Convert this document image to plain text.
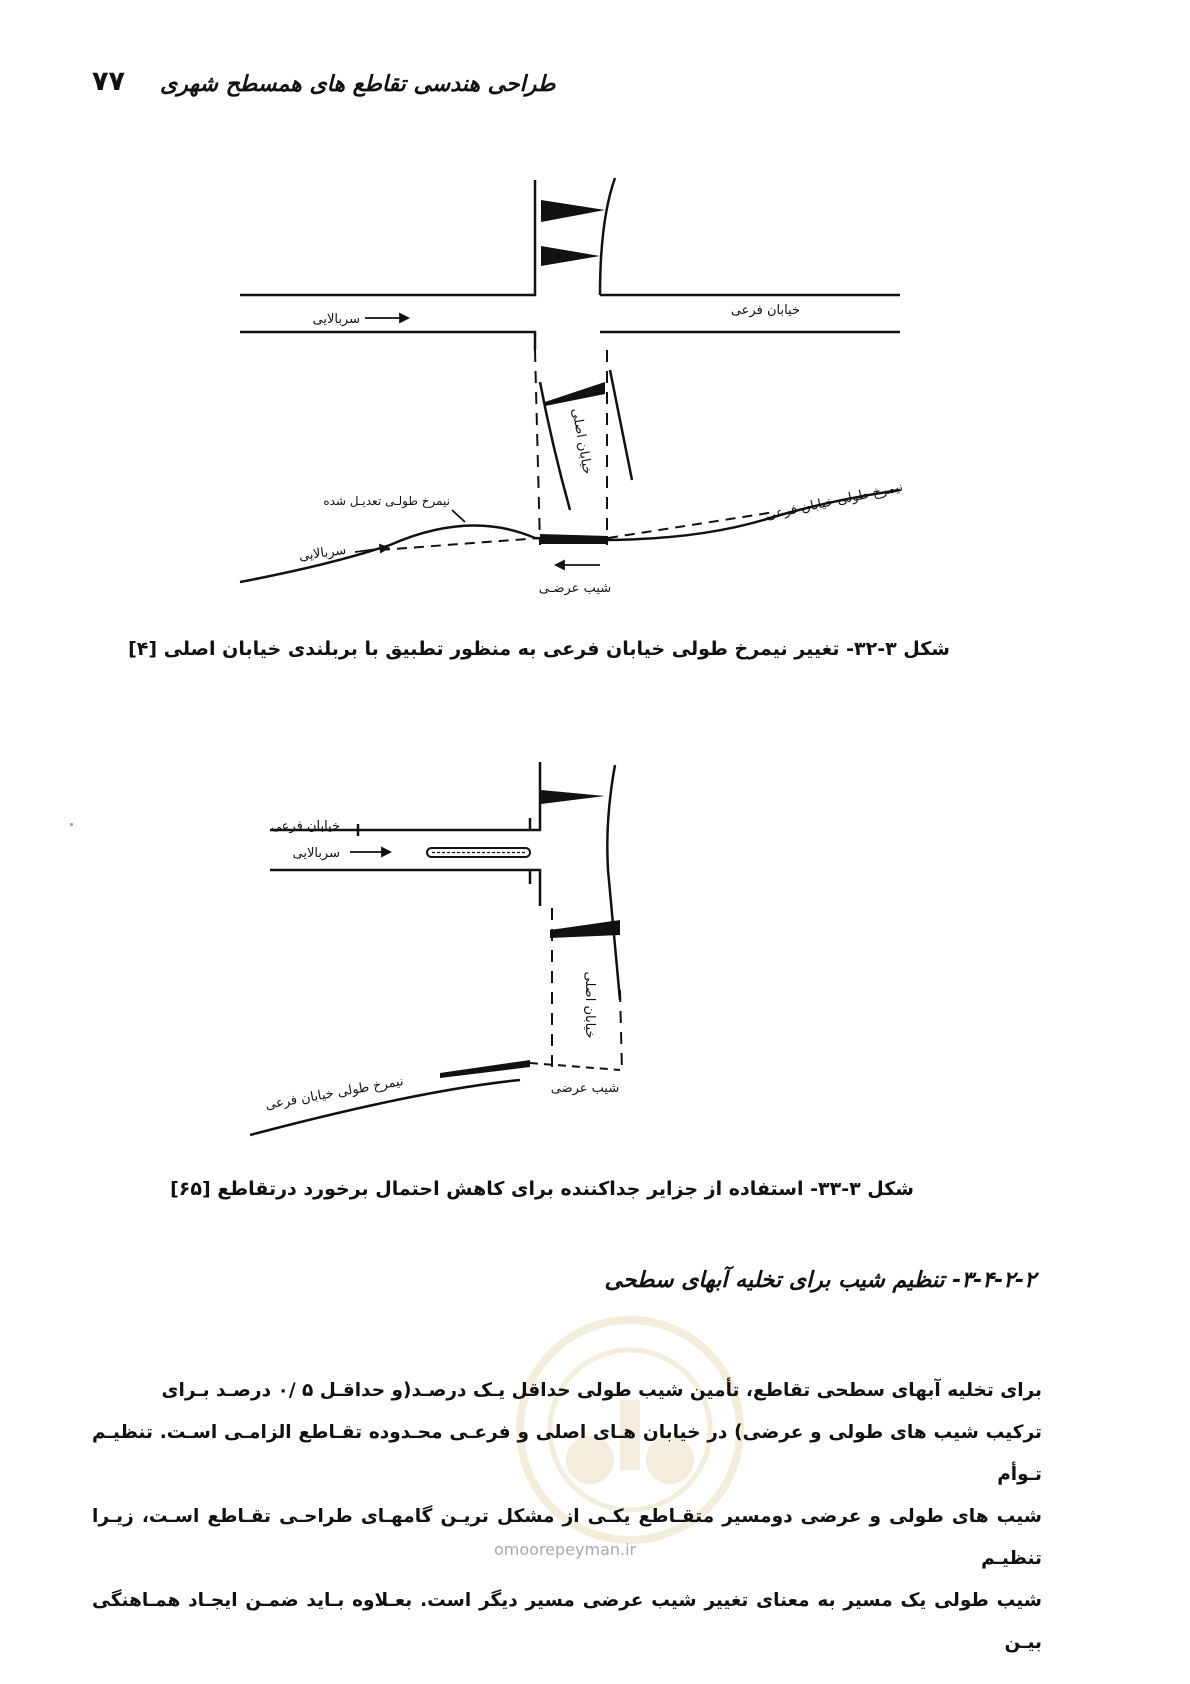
۷۷ طراحی هندسی تقاطع های همسطح شهری
سربالایی
خیابان فرعی
خیابان اصلی
نیمرخ طولی خیابان فرعی
نیمرخ طولـی تعدیـل شده
سربالایی
شیب عرضـی
شکل ۳-۳۲- تغییر نیمرخ طولی خیابان فرعی به منظور تطبیق با بربلندی خیابان اصلی [۴]
خیابان فرعی
سربالایی
خیابان اصلی
نیمرخ طولی خیابان فرعی	شیب عرضی
شکل ۳-۳۳- استفاده از جزایر جداکننده برای کاهش احتمال برخورد درتقاطع [۶۵]
۳-۴-۲-۲- تنظیم شیب برای تخلیه آبهای سطحی
omoorepeyman.ir

برای تخلیه آبهای سطحی تقاطع، تأمین شیب طولی حداقل یـک درصـد(و حداقـل ۵ /۰ درصـد بـرای

ترکیب شیب های طولی و عرضی) در خیابان هـای اصلی و فرعـی محـدوده تقـاطع الزامـی اسـت. تنظیـم تـوأم

شیب های طولی و عرضی دومسیر متقـاطع یکـی از مشکل تریـن گامهـای طراحـی تقـاطع اسـت، زیـرا تنظیـم

شیب طولی یک مسیر به معنای تغییر شیب عرضی مسیر دیگر است. بعـلاوه بـاید ضمـن ایجـاد همـاهنگی بیـن
